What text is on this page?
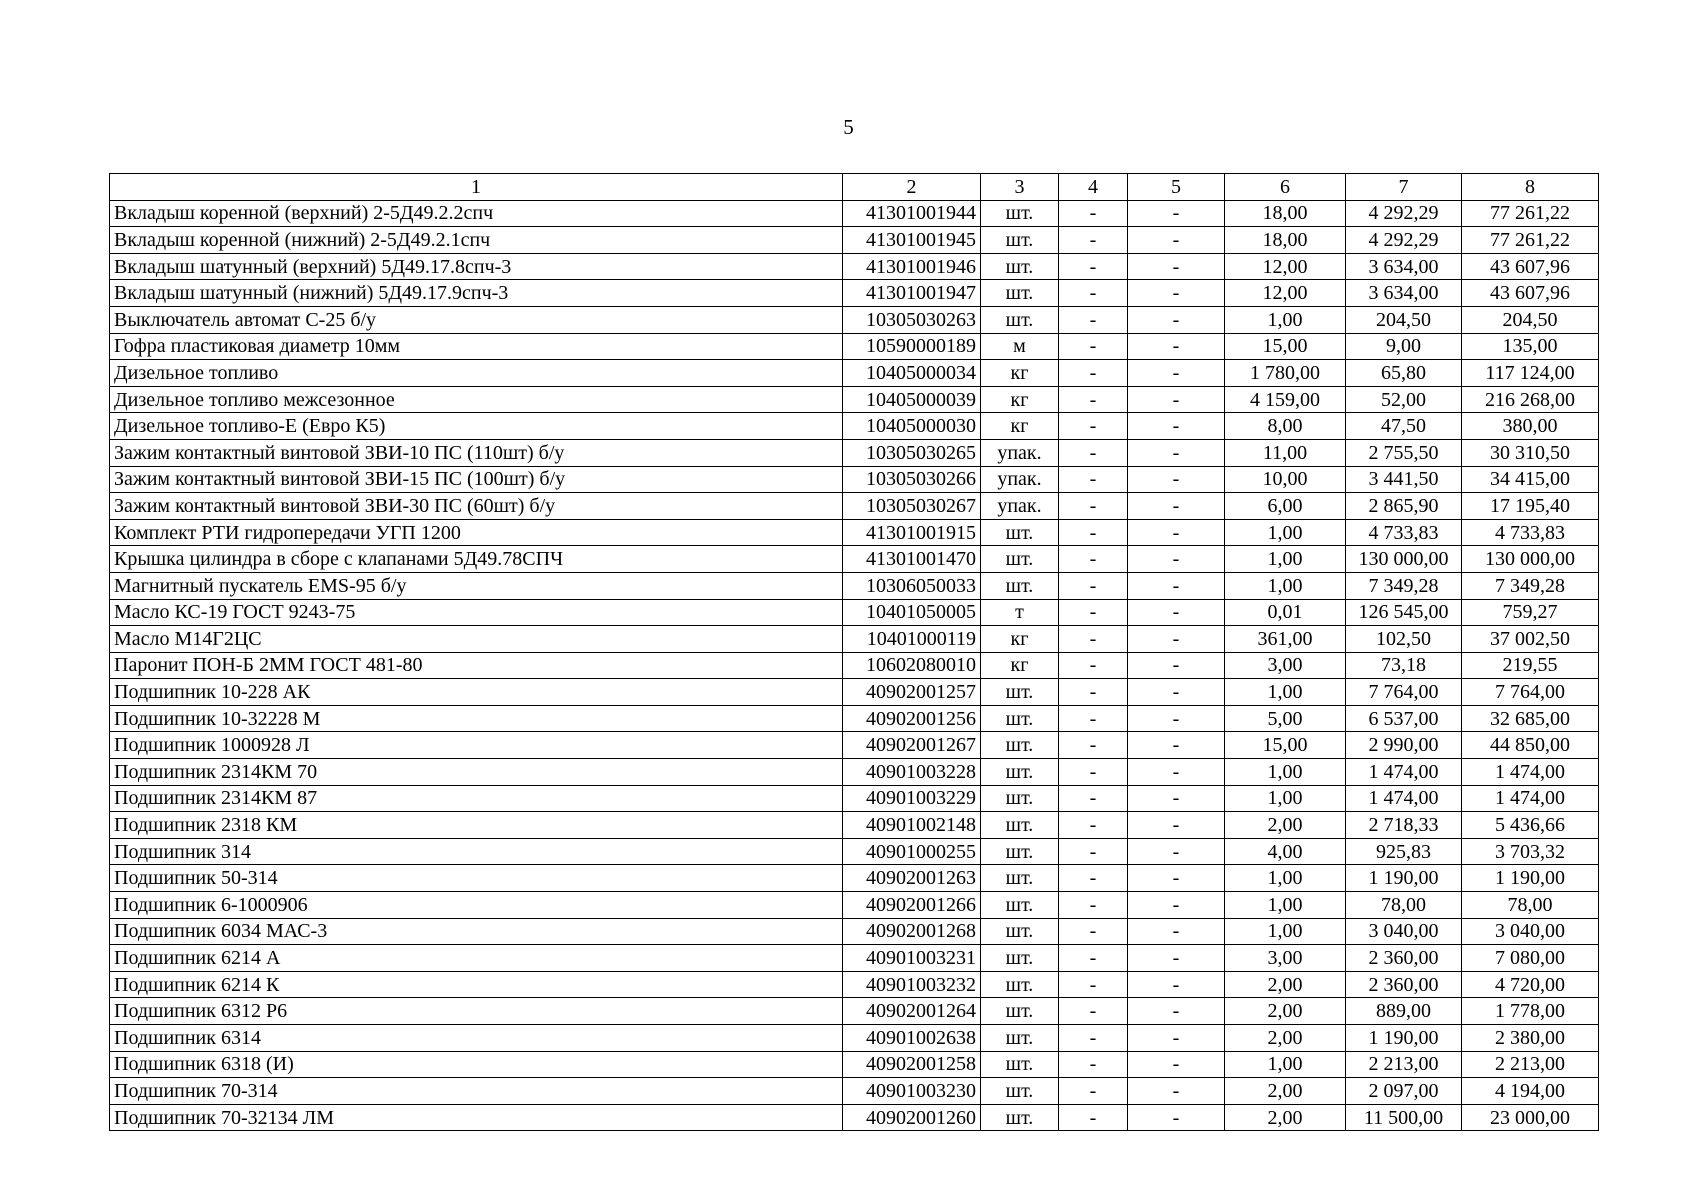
5
1	2	3	4	5	6	7	8
Вкладыш коренной (верхний) 2-5Д49.2.2спч	41301001944	шт.	-	-	18,00	4 292,29	77 261,22
Вкладыш коренной (нижний) 2-5Д49.2.1спч	41301001945	шт.	-	-	18,00	4 292,29	77 261,22
Вкладыш шатунный (верхний) 5Д49.17.8спч-3	41301001946	шт.	-	-	12,00	3 634,00	43 607,96
Вкладыш шатунный (нижний) 5Д49.17.9спч-3	41301001947	шт.	-	-	12,00	3 634,00	43 607,96
Выключатель автомат С-25 б/у	10305030263	шт.	-	-	1,00	204,50	204,50
Гофра пластиковая диаметр 10мм	10590000189	м	-	-	15,00	9,00	135,00
Дизельное топливо	10405000034	кг	-	-	1 780,00	65,80	117 124,00
Дизельное топливо межсезонное	10405000039	кг	-	-	4 159,00	52,00	216 268,00
Дизельное топливо-Е (Евро К5)	10405000030	кг	-	-	8,00	47,50	380,00
Зажим контактный винтовой ЗВИ-10 ПС (110шт) б/у	10305030265	упак.	-	-	11,00	2 755,50	30 310,50
Зажим контактный винтовой ЗВИ-15 ПС (100шт) б/у	10305030266	упак.	-	-	10,00	3 441,50	34 415,00
Зажим контактный винтовой ЗВИ-30 ПС (60шт) б/у	10305030267	упак.	-	-	6,00	2 865,90	17 195,40
Комплект РТИ гидропередачи УГП 1200	41301001915	шт.	-	-	1,00	4 733,83	4 733,83
Крышка цилиндра в сборе с клапанами 5Д49.78СПЧ	41301001470	шт.	-	-	1,00	130 000,00	130 000,00
Магнитный пускатель EMS-95 б/у	10306050033	шт.	-	-	1,00	7 349,28	7 349,28
Масло КС-19 ГОСТ 9243-75	10401050005	т	-	-	0,01	126 545,00	759,27
Масло М14Г2ЦС	10401000119	кг	-	-	361,00	102,50	37 002,50
Паронит ПОН-Б 2ММ ГОСТ 481-80	10602080010	кг	-	-	3,00	73,18	219,55
Подшипник 10-228 АК	40902001257	шт.	-	-	1,00	7 764,00	7 764,00
Подшипник 10-32228 М	40902001256	шт.	-	-	5,00	6 537,00	32 685,00
Подшипник 1000928 Л	40902001267	шт.	-	-	15,00	2 990,00	44 850,00
Подшипник 2314КМ 70	40901003228	шт.	-	-	1,00	1 474,00	1 474,00
Подшипник 2314КМ 87	40901003229	шт.	-	-	1,00	1 474,00	1 474,00
Подшипник 2318 КМ	40901002148	шт.	-	-	2,00	2 718,33	5 436,66
Подшипник 314	40901000255	шт.	-	-	4,00	925,83	3 703,32
Подшипник 50-314	40902001263	шт.	-	-	1,00	1 190,00	1 190,00
Подшипник 6-1000906	40902001266	шт.	-	-	1,00	78,00	78,00
Подшипник 6034 МАС-3	40902001268	шт.	-	-	1,00	3 040,00	3 040,00
Подшипник 6214 А	40901003231	шт.	-	-	3,00	2 360,00	7 080,00
Подшипник 6214 К	40901003232	шт.	-	-	2,00	2 360,00	4 720,00
Подшипник 6312 Р6	40902001264	шт.	-	-	2,00	889,00	1 778,00
Подшипник 6314	40901002638	шт.	-	-	2,00	1 190,00	2 380,00
Подшипник 6318 (И)	40902001258	шт.	-	-	1,00	2 213,00	2 213,00
Подшипник 70-314	40901003230	шт.	-	-	2,00	2 097,00	4 194,00
Подшипник 70-32134 ЛМ	40902001260	шт.	-	-	2,00	11 500,00	23 000,00
